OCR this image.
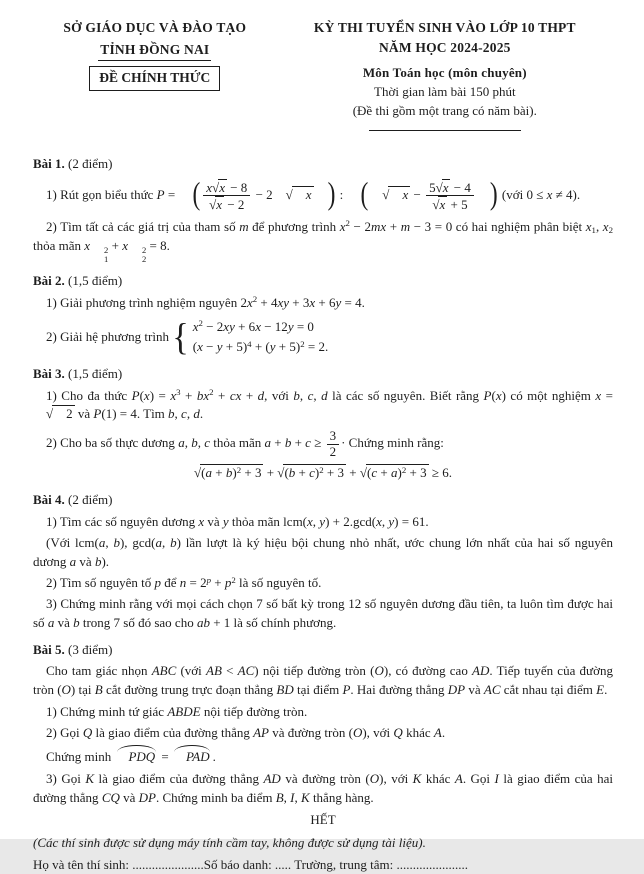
SỞ GIÁO DỤC VÀ ĐÀO TẠO
TỈNH ĐỒNG NAI
ĐỀ CHÍNH THỨC
KỲ THI TUYỂN SINH VÀO LỚP 10 THPT
NĂM HỌC 2024-2025
Môn Toán học (môn chuyên)
Thời gian làm bài 150 phút
(Đề thi gồm một trang có năm bài).
Bài 1. (2 điểm)
1) Rút gọn biểu thức P = ( $\frac{x√x - 8}{√x - 2} - 2$ √ x ) : ( √ $x - \frac{5√x - 4}{√x + 5}$ ) (với 0 ≤ x ≠ 4).
2) Tìm tất cả các giá trị của tham số m để phương trình $x^2 - 2mx + m - 3 = 0$ có hai nghiệm phân biệt x1, x2 thỏa mãn x	2
1
+ x	2
2
= 8.
Bài 2. (1,5 điểm)
1) Giải phương trình nghiệm nguyên $2x^2 + 4xy + 3x + 6y = 4$.
2) Giải hệ phương trình { $x^2 - 2xy + 6x - 12y = 0$
$(x - y + 5)^4 + (y + 5)^2 = 2$.
Bài 3. (1,5 điểm)
1) Cho đa thức $P(x) = x^3 + bx^2$ + cx + d, với b, c, d là các số nguyên. Biết rằng P(x) có một nghiệm x = √ 2 và P(1) = 4. Tìm b, c, d.
2) Cho ba số thực dương a, b, c thỏa mãn $a + b + c \ge \frac{3}{2}$ · Chứng minh rằng:
$√(a + b)^2 + 3 + √(b + c)^2 + 3 + √(c + a)^2 + 3 \ge 6$.
Bài 4. (2 điểm)
1) Tìm các số nguyên dương x và y thỏa mãn lcm(x, y) + 2.gcd(x, y) = 61.
(Với lcm(a, b), gcd(a, b) lần lượt là ký hiệu bội chung nhỏ nhất, ước chung lớn nhất của hai số nguyên dương a và b).
2) Tìm số nguyên tố p để $n = 2^p + p^2$ là số nguyên tố.
3) Chứng minh rằng với mọi cách chọn 7 số bất kỳ trong 12 số nguyên dương đầu tiên, ta luôn tìm được hai số a và b trong 7 số đó sao cho ab + 1 là số chính phương.
Bài 5. (3 điểm)
Cho tam giác nhọn ABC (với AB < AC) nội tiếp đường tròn (O), có đường cao AD. Tiếp tuyến của đường tròn (O) tại B cắt đường trung trực đoạn thẳng BD tại điểm P. Hai đường thẳng DP và AC cắt nhau tại điểm E.
1) Chứng minh tứ giác ABDE nội tiếp đường tròn.
2) Gọi Q là giao điểm của đường thẳng AP và đường tròn (O), với Q khác A.
Chứng minh PDQ = PAD .
3) Gọi K là giao điểm của đường thẳng AD và đường tròn (O), với K khác A. Gọi I là giao điểm của hai đường thẳng CQ và DP. Chứng minh ba điểm B, I, K thẳng hàng.
HẾT
(Các thí sinh được sử dụng máy tính cầm tay, không được sử dụng tài liệu).
Họ và tên thí sinh: ......................Số báo danh: ..... Trường, trung tâm: ......................
